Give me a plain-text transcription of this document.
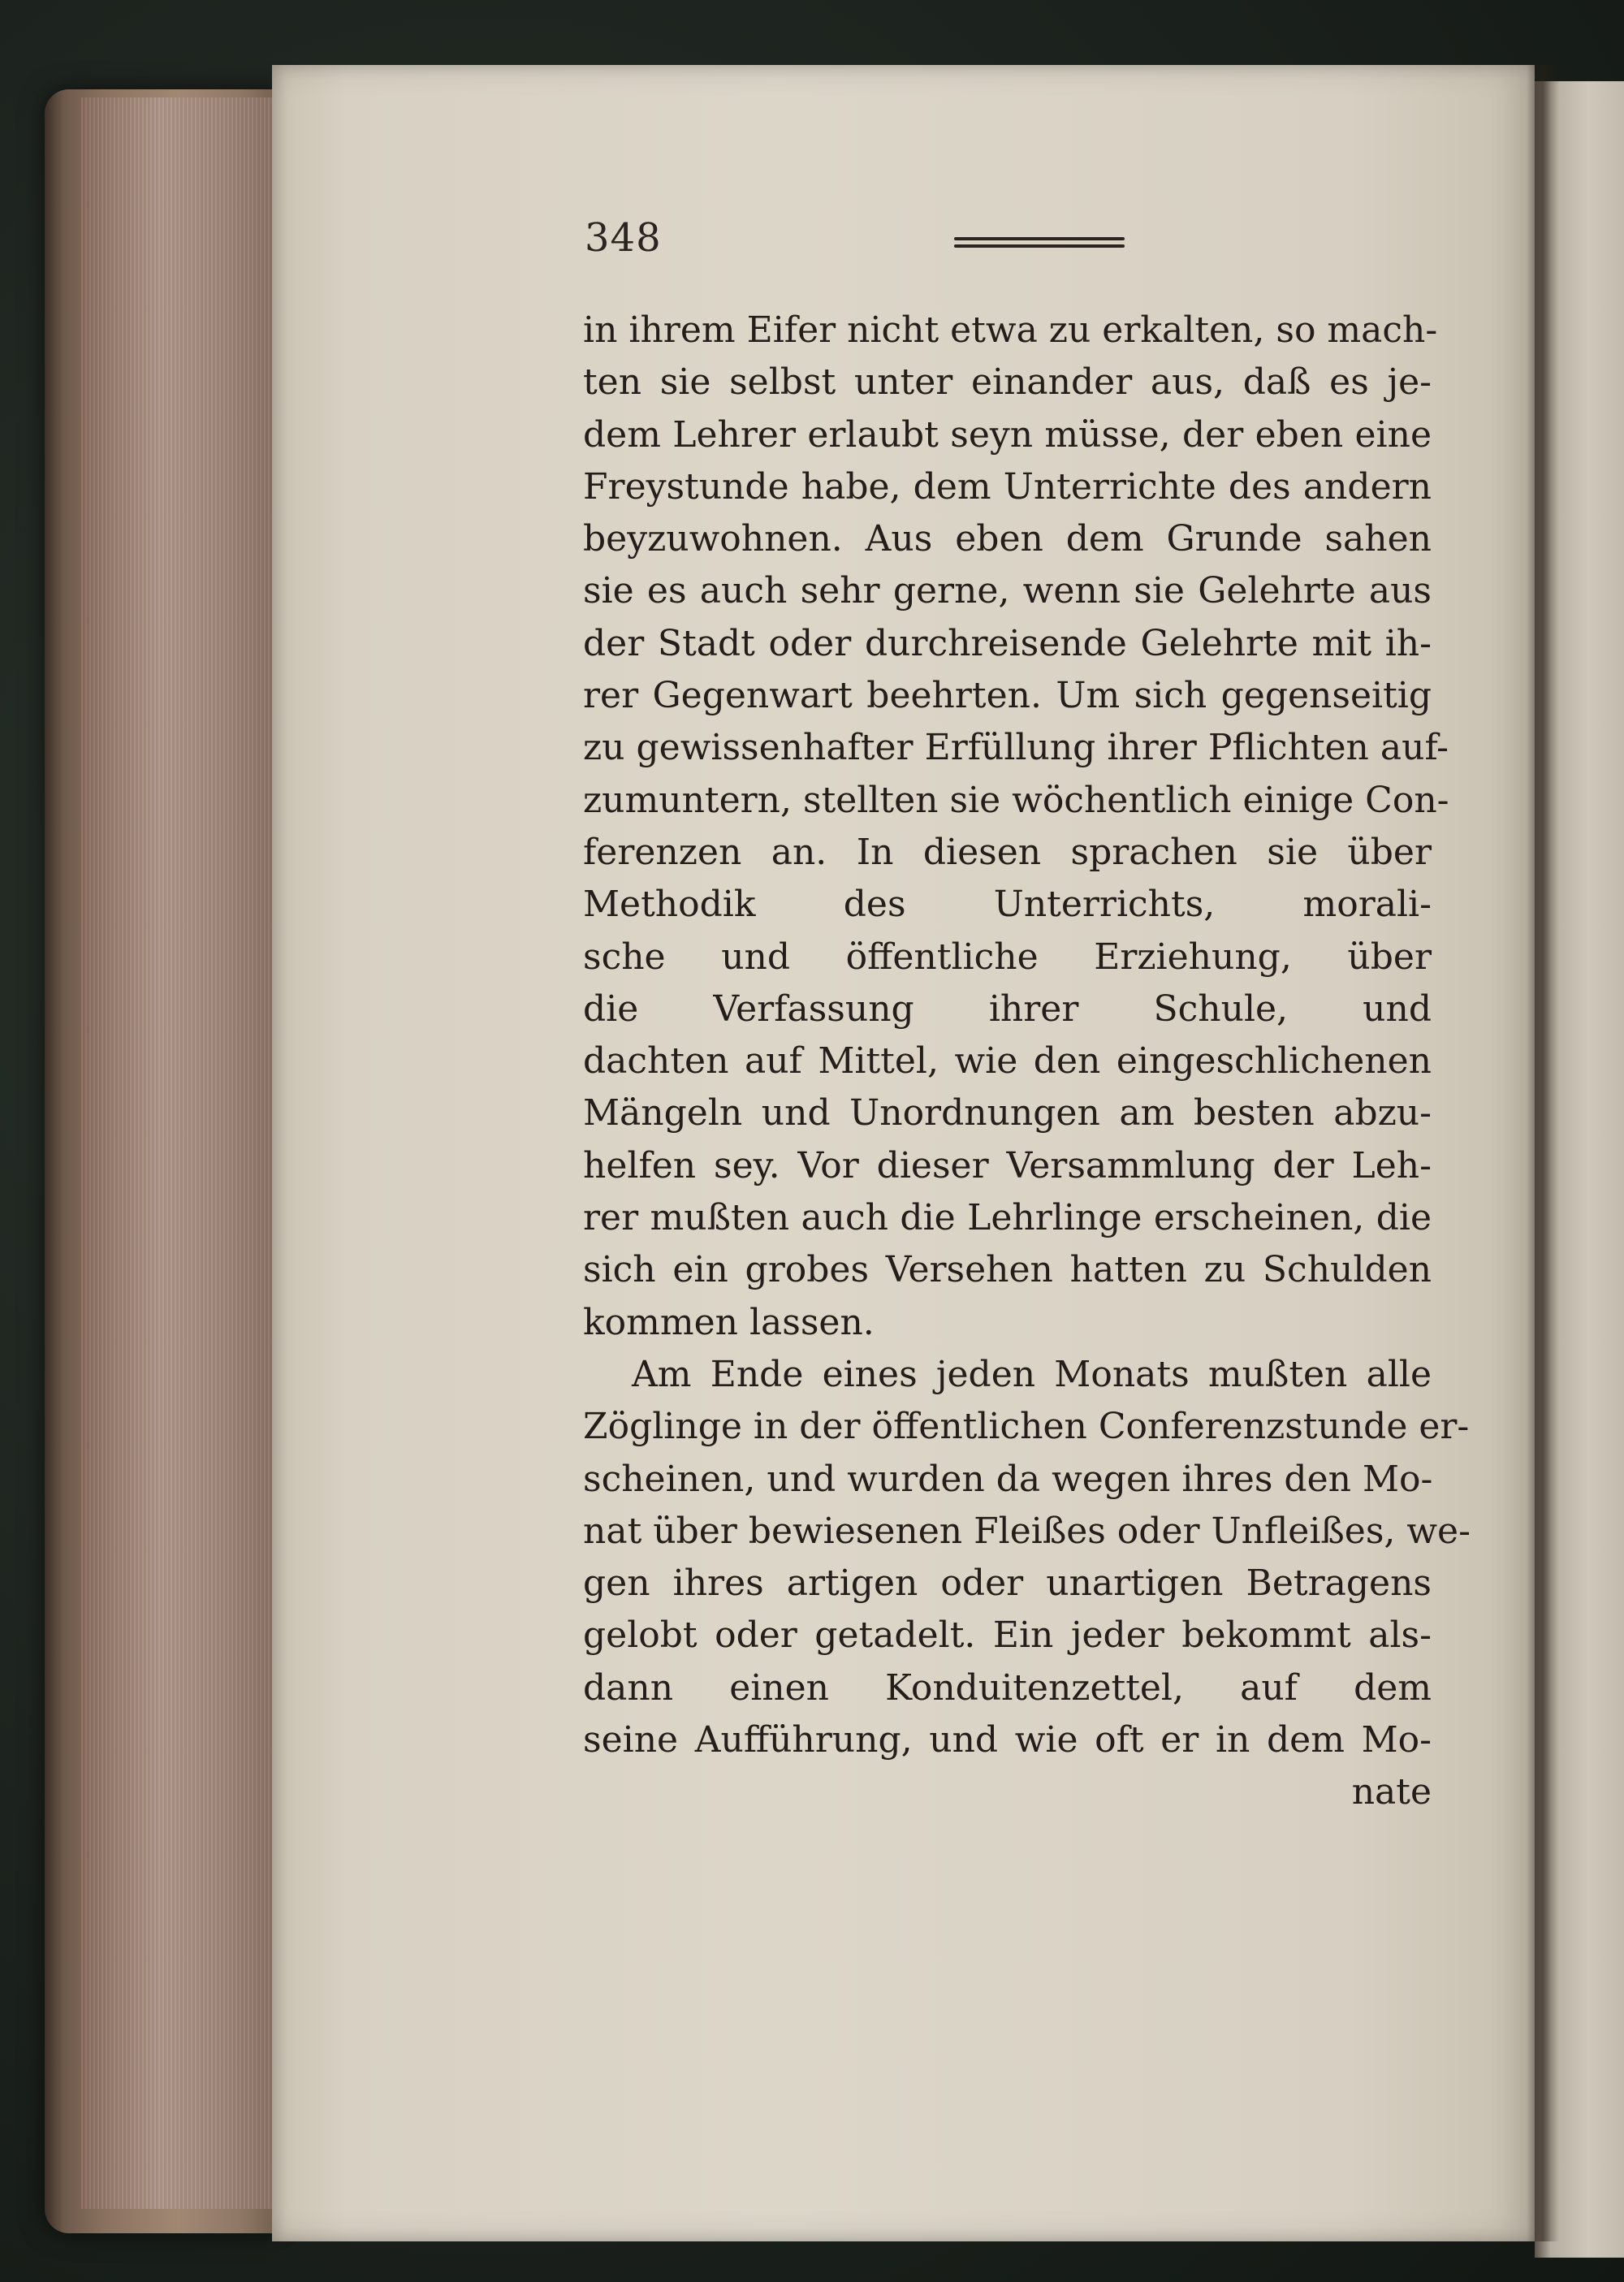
348
in ihrem Eifer nicht etwa zu erkalten, so mach-
ten sie selbst unter einander aus, daß es je-
dem Lehrer erlaubt seyn müsse, der eben eine
Freystunde habe, dem Unterrichte des andern
beyzuwohnen. Aus eben dem Grunde sahen
sie es auch sehr gerne, wenn sie Gelehrte aus
der Stadt oder durchreisende Gelehrte mit ih-
rer Gegenwart beehrten. Um sich gegenseitig
zu gewissenhafter Erfüllung ihrer Pflichten auf-
zumuntern, stellten sie wöchentlich einige Con-
ferenzen an. In diesen sprachen sie über
Methodik des Unterrichts, morali-
sche und öffentliche Erziehung, über
die Verfassung ihrer Schule, und
dachten auf Mittel, wie den eingeschlichenen
Mängeln und Unordnungen am besten abzu-
helfen sey. Vor dieser Versammlung der Leh-
rer mußten auch die Lehrlinge erscheinen, die
sich ein grobes Versehen hatten zu Schulden
kommen lassen.
Am Ende eines jeden Monats mußten alle
Zöglinge in der öffentlichen Conferenzstunde er-
scheinen, und wurden da wegen ihres den Mo-
nat über bewiesenen Fleißes oder Unfleißes, we-
gen ihres artigen oder unartigen Betragens
gelobt oder getadelt. Ein jeder bekommt als-
dann einen Konduitenzettel, auf dem
seine Aufführung, und wie oft er in dem Mo-
nate
